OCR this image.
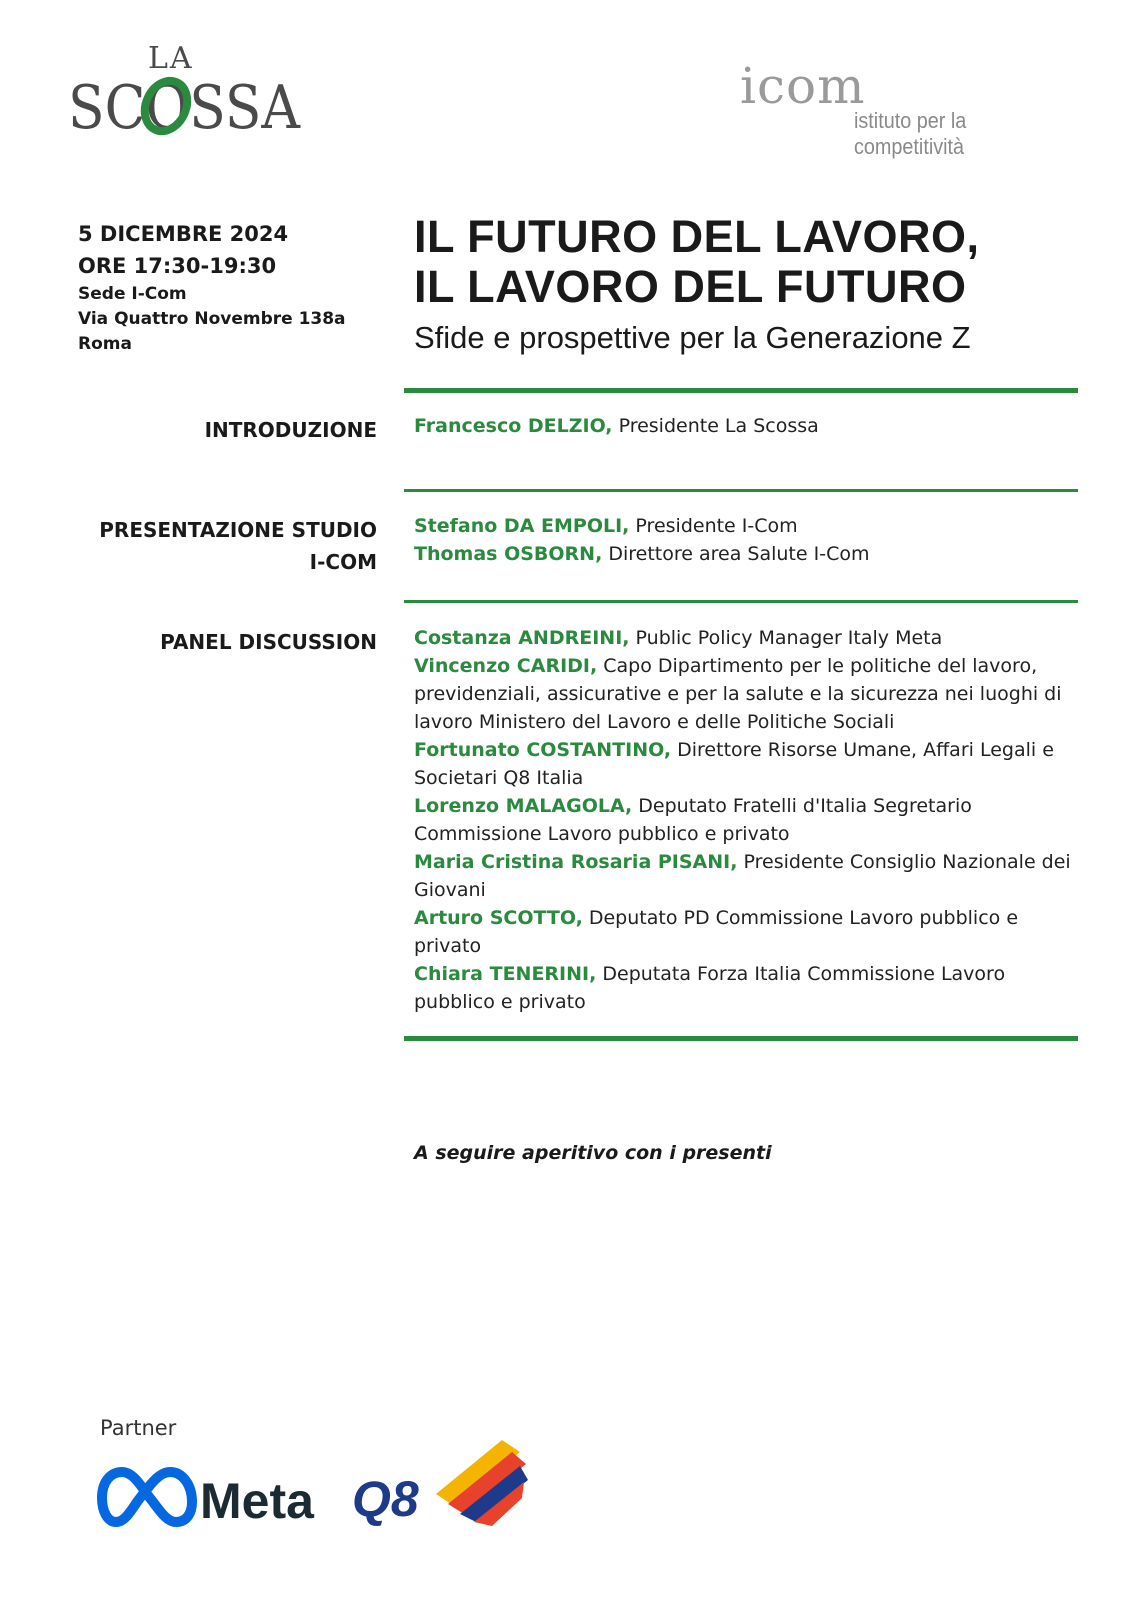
LA
SCOSSA	icom
istituto per la competitività
5 DICEMBRE 2024
ORE 17:30-19:30
Sede I-Com
Via Quattro Novembre 138a
Roma
IL FUTURO DEL LAVORO,
IL LAVORO DEL FUTURO
Sfide e prospettive per la Generazione Z
INTRODUZIONE Francesco DELZIO, Presidente La Scossa
PRESENTAZIONE STUDIO
I-COM
Stefano DA EMPOLI, Presidente I-Com
Thomas OSBORN, Direttore area Salute I-Com
PANEL DISCUSSION Costanza ANDREINI, Public Policy Manager Italy Meta
Vincenzo CARIDI, Capo Dipartimento per le politiche del lavoro, previdenziali, assicurative e per la salute e la sicurezza nei luoghi di lavoro Ministero del Lavoro e delle Politiche Sociali
Fortunato COSTANTINO, Direttore Risorse Umane, Affari Legali e Societari Q8 Italia
Lorenzo MALAGOLA, Deputato Fratelli d'Italia Segretario Commissione Lavoro pubblico e privato
Maria Cristina Rosaria PISANI, Presidente Consiglio Nazionale dei Giovani
Arturo SCOTTO, Deputato PD Commissione Lavoro pubblico e privato
Chiara TENERINI, Deputata Forza Italia Commissione Lavoro pubblico e privato
A seguire aperitivo con i presenti
Partner
Meta Q8
